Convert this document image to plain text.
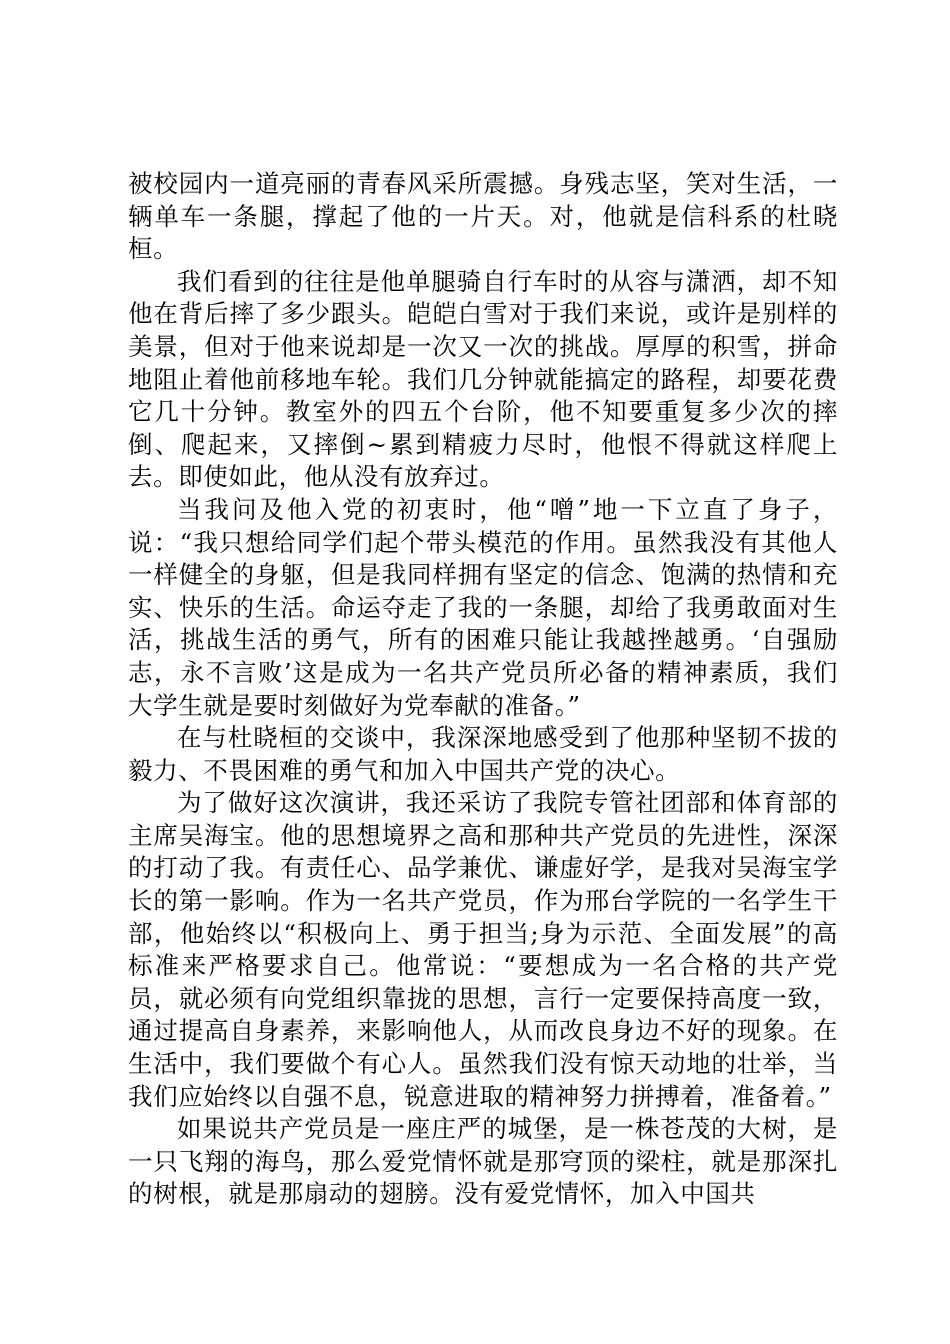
被校园内一道亮丽的青春风采所震撼。身残志坚，笑对生活，一辆单车一条腿，撑起了他的一片天。对，他就是信科系的杜晓桓。

我们看到的往往是他单腿骑自行车时的从容与潇洒，却不知他在背后摔了多少跟头。皑皑白雪对于我们来说，或许是别样的美景，但对于他来说却是一次又一次的挑战。厚厚的积雪，拼命地阻止着他前移地车轮。我们几分钟就能搞定的路程，却要花费它几十分钟。教室外的四五个台阶，他不知要重复多少次的摔倒、爬起来，又摔倒~累到精疲力尽时，他恨不得就这样爬上去。即使如此，他从没有放弃过。

当我问及他入党的初衷时，他“噌”地一下立直了身子，说：“我只想给同学们起个带头模范的作用。虽然我没有其他人一样健全的身躯，但是我同样拥有坚定的信念、饱满的热情和充实、快乐的生活。命运夺走了我的一条腿，却给了我勇敢面对生活，挑战生活的勇气，所有的困难只能让我越挫越勇。‘自强励志，永不言败’这是成为一名共产党员所必备的精神素质，我们大学生就是要时刻做好为党奉献的准备。”

在与杜晓桓的交谈中，我深深地感受到了他那种坚韧不拔的毅力、不畏困难的勇气和加入中国共产党的决心。

为了做好这次演讲，我还采访了我院专管社团部和体育部的主席吴海宝。他的思想境界之高和那种共产党员的先进性，深深的打动了我。有责任心、品学兼优、谦虚好学，是我对吴海宝学长的第一影响。作为一名共产党员，作为邢台学院的一名学生干部，他始终以“积极向上、勇于担当;身为示范、全面发展”的高标准来严格要求自己。他常说：“要想成为一名合格的共产党员，就必须有向党组织靠拢的思想，言行一定要保持高度一致，通过提高自身素养，来影响他人，从而改良身边不好的现象。在生活中，我们要做个有心人。虽然我们没有惊天动地的壮举，当我们应始终以自强不息，锐意进取的精神努力拼搏着，准备着。”

如果说共产党员是一座庄严的城堡，是一株苍茂的大树，是一只飞翔的海鸟，那么爱党情怀就是那穹顶的梁柱，就是那深扎的树根，就是那扇动的翅膀。没有爱党情怀，加入中国共
